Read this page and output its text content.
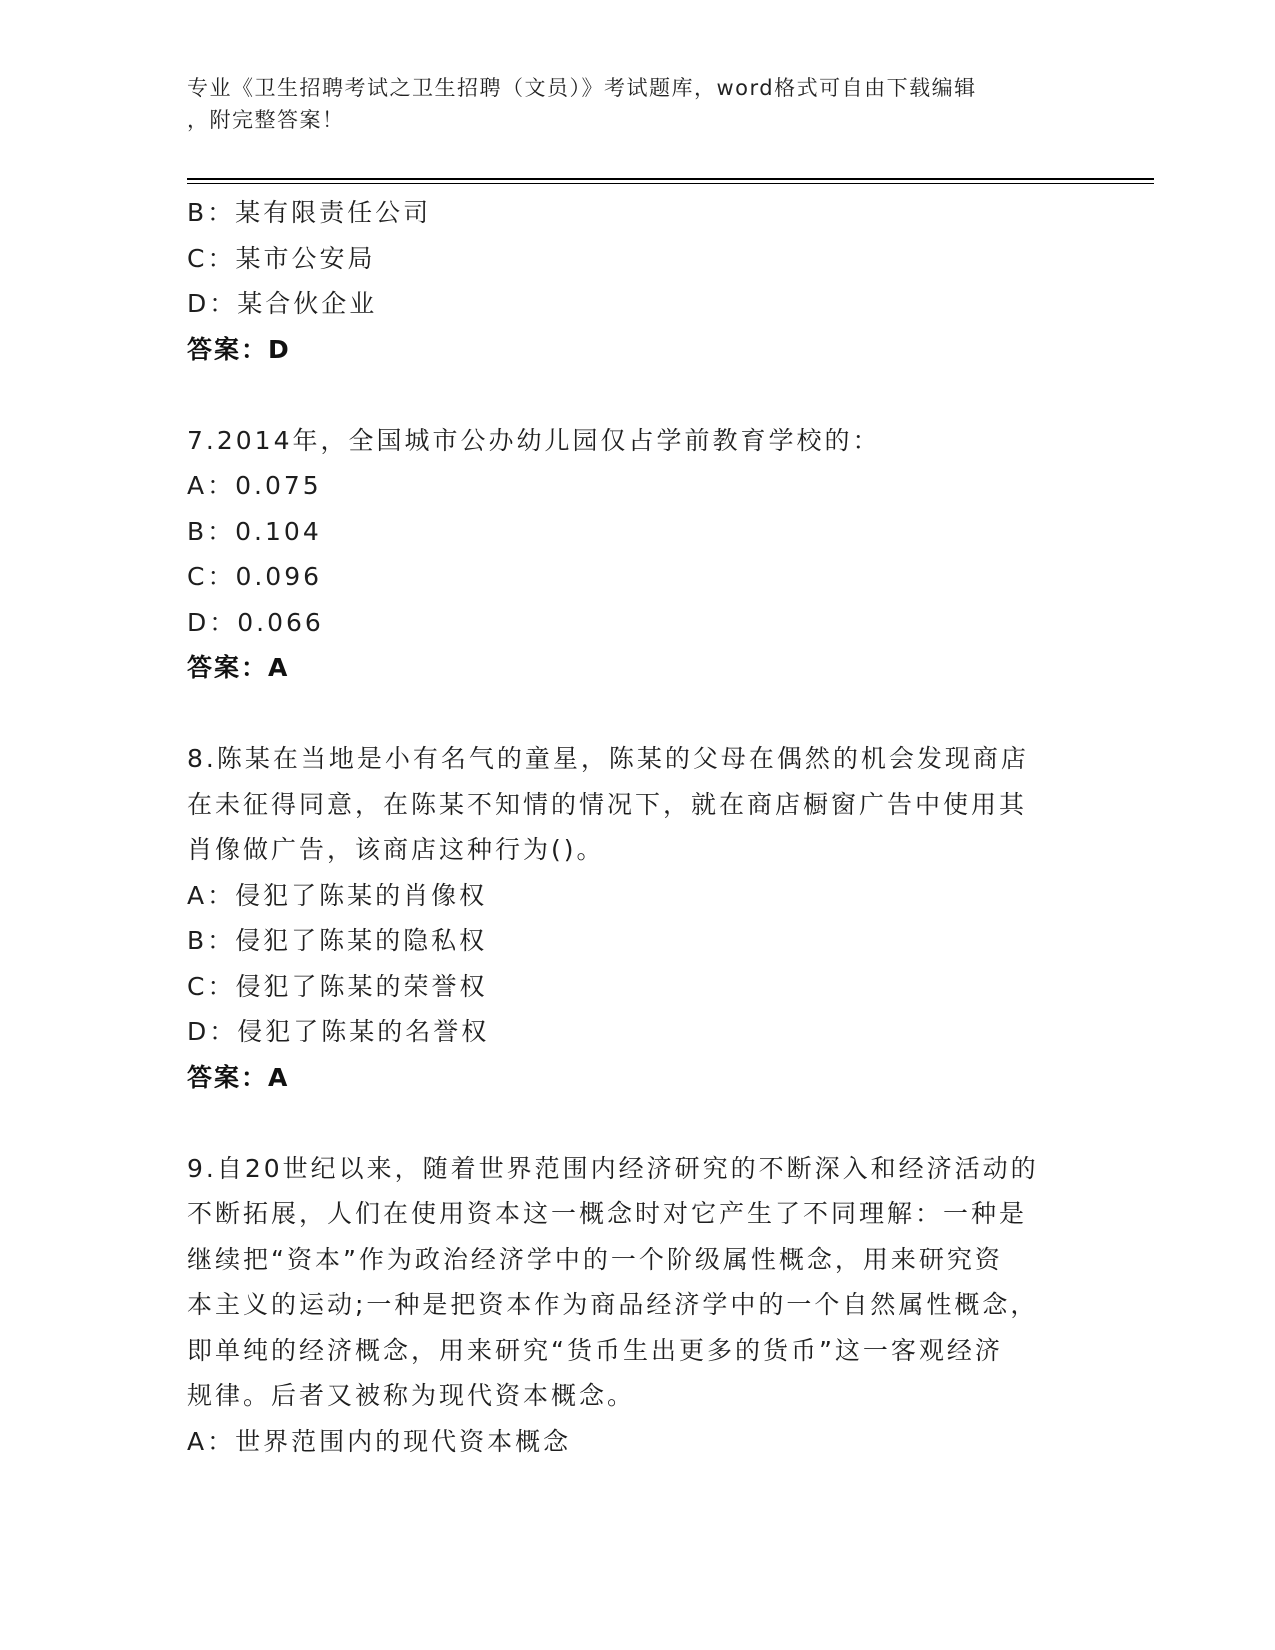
专业《卫生招聘考试之卫生招聘（文员）》考试题库，word格式可自由下载编辑
，附完整答案！
B：某有限责任公司
C：某市公安局
D：某合伙企业
答案：D
7.2014年，全国城市公办幼儿园仅占学前教育学校的：
A：0.075
B：0.104
C：0.096
D：0.066
答案：A
8.陈某在当地是小有名气的童星，陈某的父母在偶然的机会发现商店
在未征得同意，在陈某不知情的情况下，就在商店橱窗广告中使用其
肖像做广告，该商店这种行为()。
A：侵犯了陈某的肖像权
B：侵犯了陈某的隐私权
C：侵犯了陈某的荣誉权
D：侵犯了陈某的名誉权
答案：A
9.自20世纪以来，随着世界范围内经济研究的不断深入和经济活动的
不断拓展，人们在使用资本这一概念时对它产生了不同理解：一种是
继续把“资本”作为政治经济学中的一个阶级属性概念，用来研究资
本主义的运动;一种是把资本作为商品经济学中的一个自然属性概念，
即单纯的经济概念，用来研究“货币生出更多的货币”这一客观经济
规律。后者又被称为现代资本概念。
A：世界范围内的现代资本概念
